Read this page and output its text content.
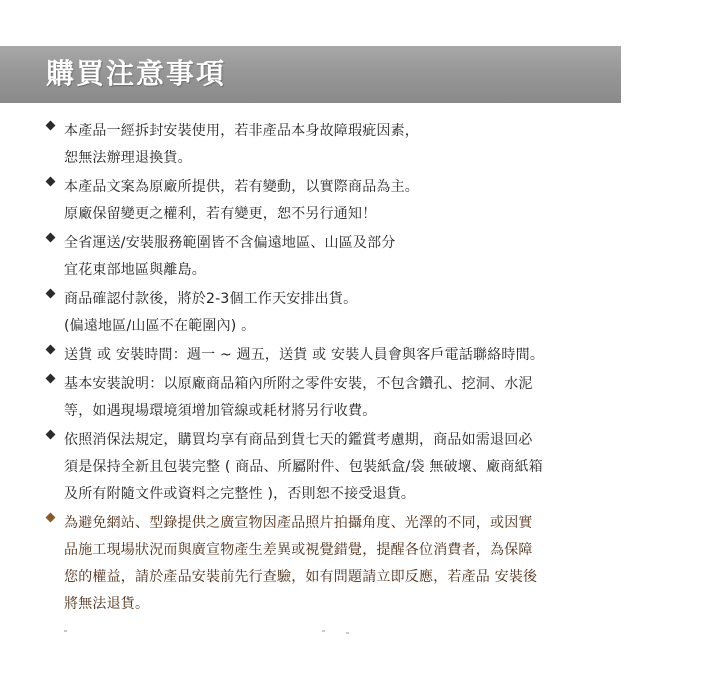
購買注意事項
本產品一經拆封安裝使用，若非產品本身故障瑕疵因素，
恕無法辦理退換貨。
本產品文案為原廠所提供，若有變動，以實際商品為主。
原廠保留變更之權利，若有變更，恕不另行通知！
全省運送/安裝服務範圍皆不含偏遠地區、山區及部分
宜花東部地區與離島。
商品確認付款後，將於2-3個工作天安排出貨。
(偏遠地區/山區不在範圍內) 。
送貨 或 安裝時間：週一 ~ 週五，送貨 或 安裝人員會與客戶電話聯絡時間。
基本安裝說明：以原廠商品箱內所附之零件安裝，不包含鑽孔、挖洞、水泥
等，如遇現場環境須增加管線或耗材將另行收費。
依照消保法規定，購買均享有商品到貨七天的鑑賞考慮期，商品如需退回必
須是保持全新且包裝完整 ( 商品、所屬附件、包裝紙盒/袋 無破壞、廠商紙箱
及所有附隨文件或資料之完整性 )，否則恕不接受退貨。
為避免網站、型錄提供之廣宣物因產品照片拍攝角度、光澤的不同，或因實
品施工現場狀況而與廣宣物產生差異或視覺錯覺，提醒各位消費者，為保障
您的權益，請於產品安裝前先行查驗，如有問題請立即反應，若產品 安裝後
將無法退貨。
